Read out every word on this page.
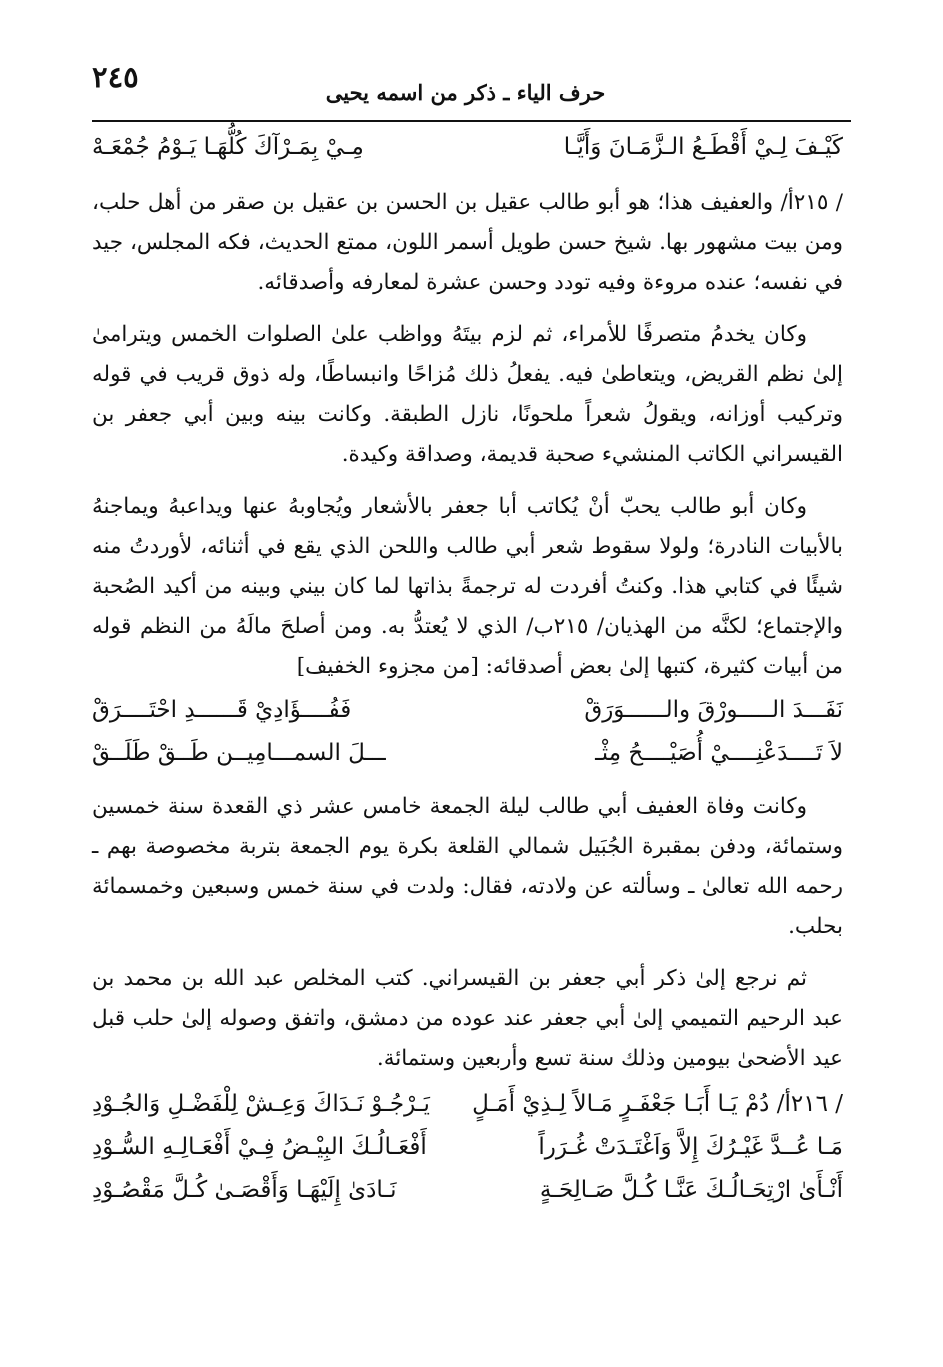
٢٤٥	حرف الياء ـ ذكر من اسمه يحيى
كَيْـفَ لِـيْ أَقْطَـعُ الـزَّمَـانَ وَأَيَّـا
مِـيْ بِمَـرْآكَ كُلُّهَـا يَـوْمُ جُمْعَـهْ

/ ٢١٥أ/ والعفيف هذا؛ هو أبو طالب عقيل بن الحسن بن عقيل بن صقر من أهل حلب، ومن بيت مشهور بها. شيخ حسن طويل أسمر اللون، ممتع الحديث، فكه المجلس، جيد في نفسه؛ عنده مروءة وفيه تودد وحسن عشرة لمعارفه وأصدقائه.

وكان يخدمُ متصرفًا للأمراء، ثم لزم بيتَهُ وواظب علىٰ الصلوات الخمس ويترامىٰ إلىٰ نظم القريض، ويتعاطىٰ فيه. يفعلُ ذلك مُزاحًا وانبساطًا، وله ذوق قريب في قوله وتركيب أوزانه، ويقولُ شعراً ملحونًا، نازل الطبقة. وكانت بينه وبين أبي جعفر بن القيسراني الكاتب المنشيء صحبة قديمة، وصداقة وكيدة.

وكان أبو طالب يحبّ أنْ يُكاتب أبا جعفر بالأشعار ويُجاوبهُ عنها ويداعبهُ ويماجنهُ بالأبيات النادرة؛ ولولا سقوط شعر أبي طالب واللحن الذي يقع في أثنائه، لأوردتُ منه شيئًا في كتابي هذا. وكنتُ أفردت له ترجمةً بذاتها لما كان بيني وبينه من أكيد الصُحبة والإجتماع؛ لكنَّه من الهذيان/ ٢١٥ب/ الذي لا يُعتدُّ به. ومن أصلحَ مالَهُ من النظم قوله من أبيات كثيرة، كتبها إلىٰ بعض أصدقائه: [من مجزوء الخفيف]

نَفَـــدَ الـــــورْقَ والــــــوَرَقْ
فَفُــــؤَادِيْ قَــــــدِ احْتَــــرَقْ
لاَ تَــــدَعْنِــــيْ أُصَيْــــحُ مِثْـ
ـــلَ السمـــامِيــن طَــقْ طَلَــقْ

وكانت وفاة العفيف أبي طالب ليلة الجمعة خامس عشر ذي القعدة سنة خمسين وستمائة، ودفن بمقبرة الجُبَيل شمالي القلعة بكرة يوم الجمعة بتربة مخصوصة بهم ـ رحمه الله تعالىٰ ـ وسألته عن ولادته، فقال: ولدت في سنة خمس وسبعين وخمسمائة بحلب.

ثم نرجع إلىٰ ذكر أبي جعفر بن القيسراني. كتب المخلص عبد الله بن محمد بن عبد الرحيم التميمي إلىٰ أبي جعفر عند عوده من دمشق، واتفق وصوله إلىٰ حلب قبل عيد الأضحىٰ بيومين وذلك سنة تسع وأربعين وستمائة.

/ ٢١٦أ/ دُمْ يَـا أَبَـا جَعْفَـرٍ مَـالاً لِـذِيْ أَمَـلٍ
يَـرْجُـوْ نَـدَاكَ وَعِـشْ لِلْفَضْـلِ وَالجُـوْدِ
مَـا عُــدَّ غَيْـرُكَ إِلاَّ وَاَغْتَـدَتْ غُـرَراً
أَفْعَـالُـكَ البِيْـضُ فِـيْ أَفْعَـالِـهِ السُّـوْدِ
أَنْـأَىٰ ارْتِحَـالُـكَ عَنَّـا كُـلَّ صَـالِحَـةٍ
نَـادَىٰ إِلَيْهَـا وَأَقْصَـىٰ كُـلَّ مَقْصُـوْدِ
